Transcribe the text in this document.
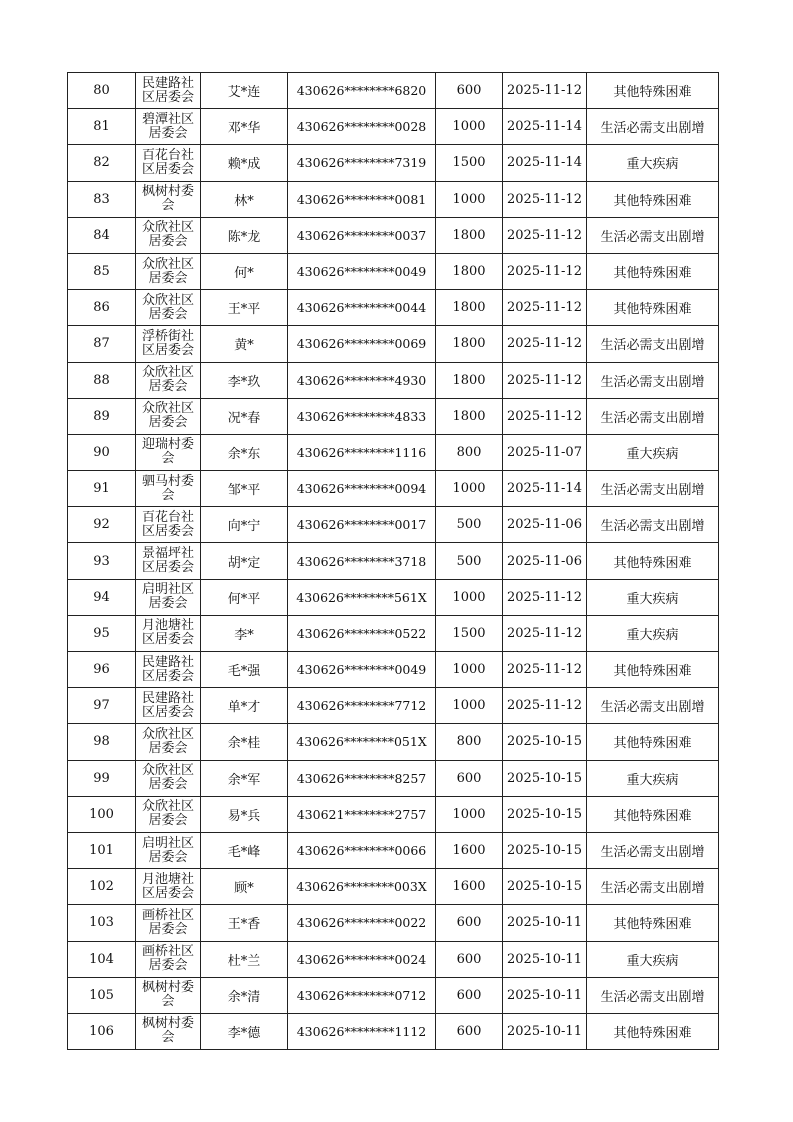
80	民建路社区居委会	艾*连	430626********6820	600	2025-11-12	其他特殊困难
81	碧潭社区居委会	邓*华	430626********0028	1000	2025-11-14	生活必需支出剧增
82	百花台社区居委会	赖*成	430626********7319	1500	2025-11-14	重大疾病
83	枫树村委会	林*	430626********0081	1000	2025-11-12	其他特殊困难
84	众欣社区居委会	陈*龙	430626********0037	1800	2025-11-12	生活必需支出剧增
85	众欣社区居委会	何*	430626********0049	1800	2025-11-12	其他特殊困难
86	众欣社区居委会	王*平	430626********0044	1800	2025-11-12	其他特殊困难
87	浮桥街社区居委会	黄*	430626********0069	1800	2025-11-12	生活必需支出剧增
88	众欣社区居委会	李*玖	430626********4930	1800	2025-11-12	生活必需支出剧增
89	众欣社区居委会	况*春	430626********4833	1800	2025-11-12	生活必需支出剧增
90	迎瑞村委会	余*东	430626********1116	800	2025-11-07	重大疾病
91	驷马村委会	邹*平	430626********0094	1000	2025-11-14	生活必需支出剧增
92	百花台社区居委会	向*宁	430626********0017	500	2025-11-06	生活必需支出剧增
93	景福坪社区居委会	胡*定	430626********3718	500	2025-11-06	其他特殊困难
94	启明社区居委会	何*平	430626********561X	1000	2025-11-12	重大疾病
95	月池塘社区居委会	李*	430626********0522	1500	2025-11-12	重大疾病
96	民建路社区居委会	毛*强	430626********0049	1000	2025-11-12	其他特殊困难
97	民建路社区居委会	单*才	430626********7712	1000	2025-11-12	生活必需支出剧增
98	众欣社区居委会	余*桂	430626********051X	800	2025-10-15	其他特殊困难
99	众欣社区居委会	余*军	430626********8257	600	2025-10-15	重大疾病
100	众欣社区居委会	易*兵	430621********2757	1000	2025-10-15	其他特殊困难
101	启明社区居委会	毛*峰	430626********0066	1600	2025-10-15	生活必需支出剧增
102	月池塘社区居委会	顾*	430626********003X	1600	2025-10-15	生活必需支出剧增
103	画桥社区居委会	王*香	430626********0022	600	2025-10-11	其他特殊困难
104	画桥社区居委会	杜*兰	430626********0024	600	2025-10-11	重大疾病
105	枫树村委会	余*清	430626********0712	600	2025-10-11	生活必需支出剧增
106	枫树村委会	李*德	430626********1112	600	2025-10-11	其他特殊困难
